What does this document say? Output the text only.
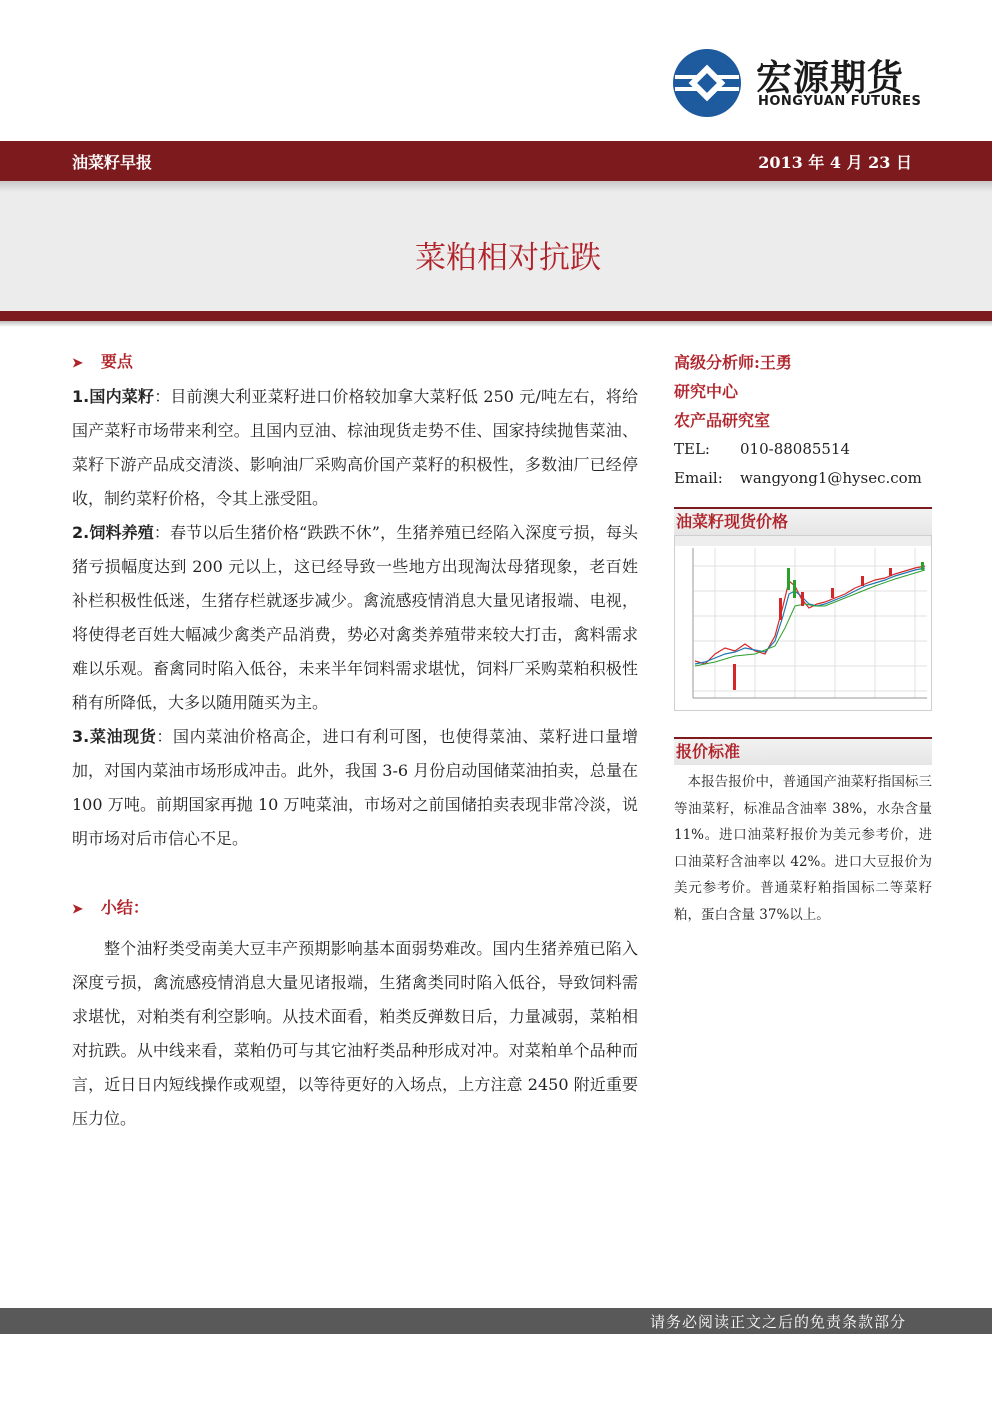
宏源期货
HONGYUAN FUTURES
油菜籽早报	2013 年 4 月 23 日
菜粕相对抗跌
➤ 要点

1.国内菜籽：目前澳大利亚菜籽进口价格较加拿大菜籽低 250 元/吨左右，将给国产菜籽市场带来利空。且国内豆油、棕油现货走势不佳、国家持续抛售菜油、菜籽下游产品成交清淡、影响油厂采购高价国产菜籽的积极性，多数油厂已经停收，制约菜籽价格，令其上涨受阻。

2.饲料养殖：春节以后生猪价格“跌跌不休”，生猪养殖已经陷入深度亏损，每头猪亏损幅度达到 200 元以上，这已经导致一些地方出现淘汰母猪现象，老百姓补栏积极性低迷，生猪存栏就逐步减少。禽流感疫情消息大量见诸报端、电视，将使得老百姓大幅减少禽类产品消费，势必对禽类养殖带来较大打击，禽料需求难以乐观。畜禽同时陷入低谷，未来半年饲料需求堪忧，饲料厂采购菜粕积极性稍有所降低，大多以随用随买为主。

3.菜油现货：国内菜油价格高企，进口有利可图，也使得菜油、菜籽进口量增加，对国内菜油市场形成冲击。此外，我国 3-6 月份启动国储菜油拍卖，总量在 100 万吨。前期国家再抛 10 万吨菜油，市场对之前国储拍卖表现非常冷淡，说明市场对后市信心不足。

➤ 小结：

整个油籽类受南美大豆丰产预期影响基本面弱势难改。国内生猪养殖已陷入深度亏损，禽流感疫情消息大量见诸报端，生猪禽类同时陷入低谷，导致饲料需求堪忧，对粕类有利空影响。从技术面看，粕类反弹数日后，力量减弱，菜粕相对抗跌。从中线来看，菜粕仍可与其它油籽类品种形成对冲。对菜粕单个品种而言，近日日内短线操作或观望，以等待更好的入场点，上方注意 2450 附近重要压力位。

高级分析师:王勇
研究中心
农产品研究室
TEL: 010-88085514
Email: wangyong1@hysec.com
油菜籽现货价格
报价标准

本报告报价中，普通国产油菜籽指国标三等油菜籽，标准品含油率 38%，水杂含量 11%。进口油菜籽报价为美元参考价，进口油菜籽含油率以 42%。进口大豆报价为美元参考价。普通菜籽粕指国标二等菜籽粕，蛋白含量 37%以上。

请务必阅读正文之后的免责条款部分
